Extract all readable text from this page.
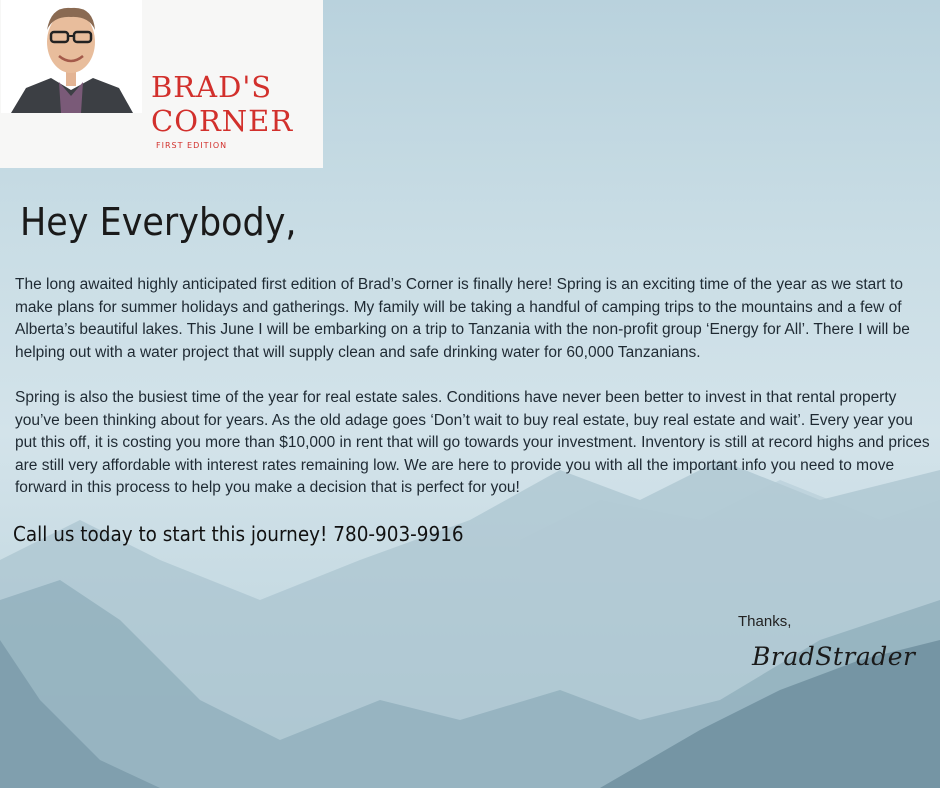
BRAD'S
CORNER
FIRST EDITION
Hey Everybody,
The long awaited highly anticipated first edition of Brad’s Corner is finally here! Spring is an exciting time of the year as we start to make plans for summer holidays and gatherings. My family will be taking a handful of camping trips to the mountains and a few of Alberta’s beautiful lakes. This June I will be embarking on a trip to Tanzania with the non-profit group ‘Energy for All’. There I will be helping out with a water project that will supply clean and safe drinking water for 60,000 Tanzanians.
Spring is also the busiest time of the year for real estate sales. Conditions have never been better to invest in that rental property you’ve been thinking about for years. As the old adage goes ‘Don’t wait to buy real estate, buy real estate and wait’. Every year you put this off, it is costing you more than $10,000 in rent that will go towards your investment. Inventory is still at record highs and prices are still very affordable with interest rates remaining low. We are here to provide you with all the important info you need to move forward in this process to help you make a decision that is perfect for you!
Call us today to start this journey! 780-903-9916
Thanks,
BradStrader
